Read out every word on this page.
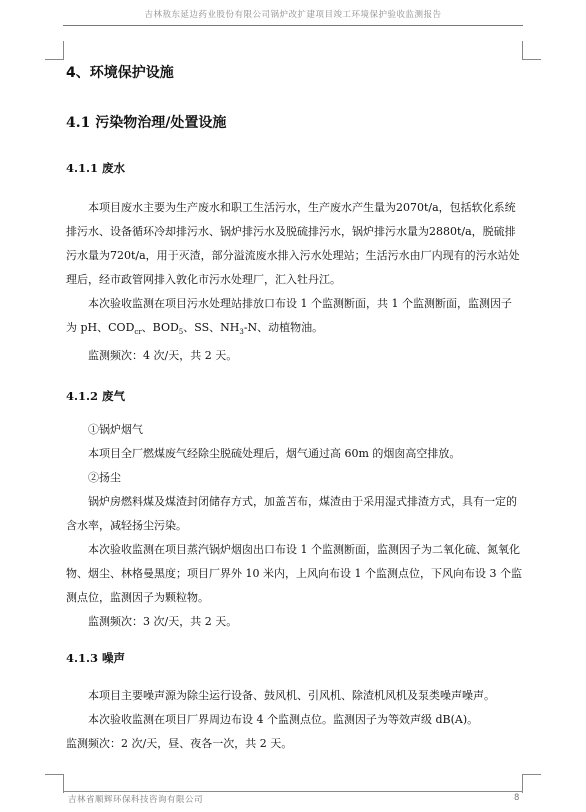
吉林敖东延边药业股份有限公司锅炉改扩建项目竣工环境保护验收监测报告
4、环境保护设施
4.1 污染物治理/处置设施
4.1.1 废水

本项目废水主要为生产废水和职工生活污水，生产废水产生量为2070t/a，包括软化系统排污水、设备循环冷却排污水、锅炉排污水及脱硫排污水，锅炉排污水量为2880t/a，脱硫排污水量为720t/a，用于灭渣，部分溢流废水排入污水处理站；生活污水由厂内现有的污水站处理后，经市政管网排入敦化市污水处理厂，汇入牡丹江。

本次验收监测在项目污水处理站排放口布设 1 个监测断面，共 1 个监测断面，监测因子为 pH、$COD_{cr}$、$BOD_5$、SS、$NH_3-N$、动植物油。

监测频次：4 次/天，共 2 天。

4.1.2 废气

①锅炉烟气

本项目全厂燃煤废气经除尘脱硫处理后，烟气通过高 60m 的烟囱高空排放。

②扬尘

锅炉房燃料煤及煤渣封闭储存方式，加盖苫布，煤渣由于采用湿式排渣方式，具有一定的含水率，减轻扬尘污染。

本次验收监测在项目蒸汽锅炉烟囱出口布设 1 个监测断面，监测因子为二氧化硫、氮氧化物、烟尘、林格曼黑度；项目厂界外 10 米内，上风向布设 1 个监测点位，下风向布设 3 个监测点位，监测因子为颗粒物。

监测频次：3 次/天，共 2 天。

4.1.3 噪声

本项目主要噪声源为除尘运行设备、鼓风机、引风机、除渣机风机及泵类噪声噪声。

本次验收监测在项目厂界周边布设 4 个监测点位。监测因子为等效声级 dB(A)。

监测频次：2 次/天，昼、夜各一次，共 2 天。

吉林省顺辉环保科技咨询有限公司	8
